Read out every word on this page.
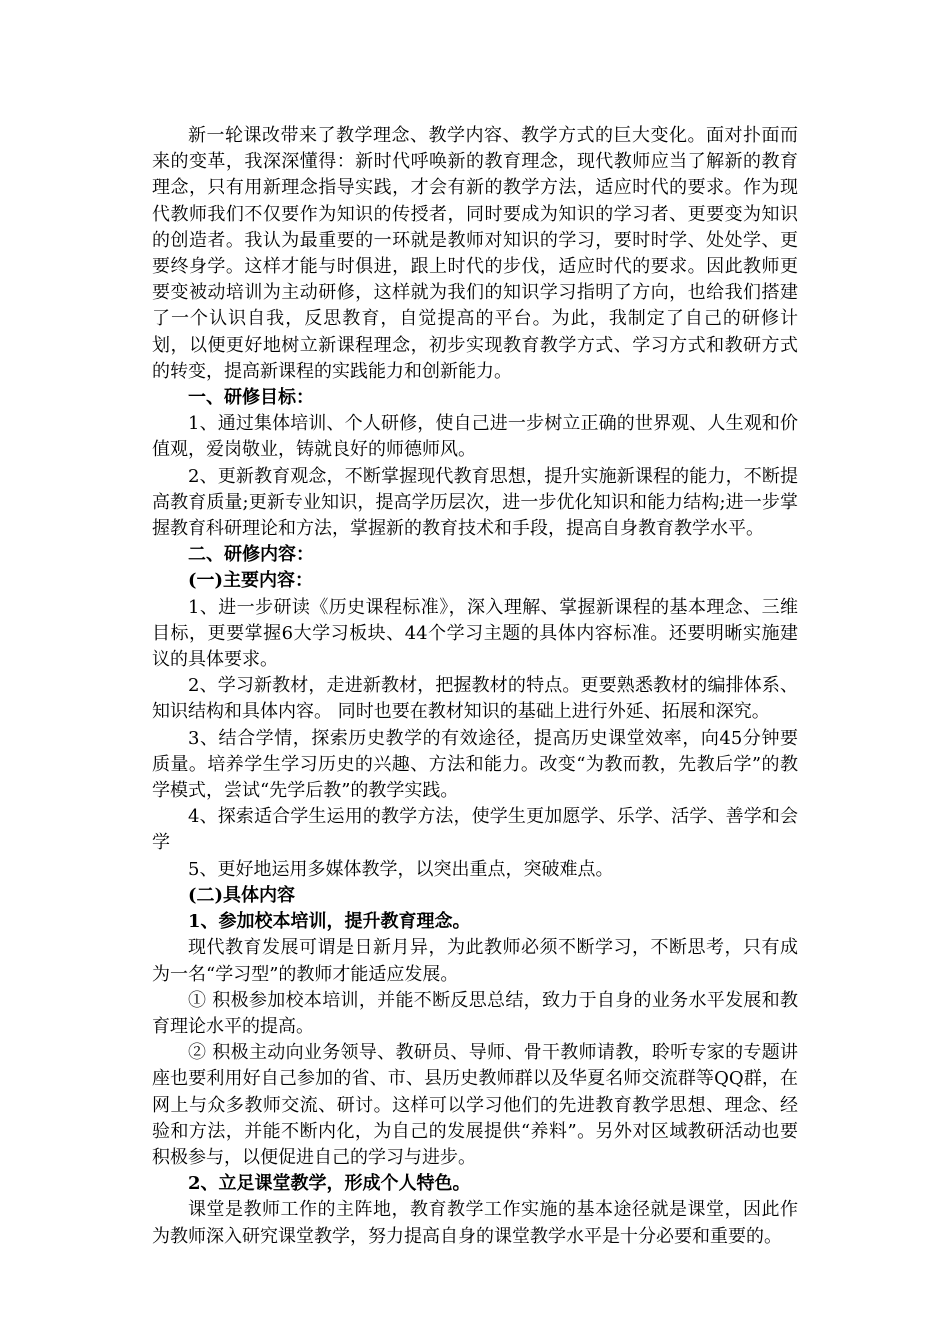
新一轮课改带来了教学理念、教学内容、教学方式的巨大变化。面对扑面而来的变革，我深深懂得：新时代呼唤新的教育理念，现代教师应当了解新的教育理念，只有用新理念指导实践，才会有新的教学方法，适应时代的要求。作为现代教师我们不仅要作为知识的传授者，同时要成为知识的学习者、更要变为知识的创造者。我认为最重要的一环就是教师对知识的学习，要时时学、处处学、更要终身学。这样才能与时俱进，跟上时代的步伐，适应时代的要求。因此教师更要变被动培训为主动研修，这样就为我们的知识学习指明了方向，也给我们搭建了一个认识自我，反思教育，自觉提高的平台。为此，我制定了自己的研修计划，以便更好地树立新课程理念，初步实现教育教学方式、学习方式和教研方式的转变，提高新课程的实践能力和创新能力。

一、研修目标：

1、通过集体培训、个人研修，使自己进一步树立正确的世界观、人生观和价值观，爱岗敬业，铸就良好的师德师风。

2、更新教育观念，不断掌握现代教育思想，提升实施新课程的能力，不断提高教育质量;更新专业知识，提高学历层次，进一步优化知识和能力结构;进一步掌握教育科研理论和方法，掌握新的教育技术和手段，提高自身教育教学水平。

二、研修内容：

(一)主要内容：

1、进一步研读《历史课程标准》，深入理解、掌握新课程的基本理念、三维目标，更要掌握6大学习板块、44个学习主题的具体内容标准。还要明晰实施建议的具体要求。

2、学习新教材，走进新教材，把握教材的特点。更要熟悉教材的编排体系、知识结构和具体内容。 同时也要在教材知识的基础上进行外延、拓展和深究。

3、结合学情，探索历史教学的有效途径，提高历史课堂效率，向45分钟要质量。培养学生学习历史的兴趣、方法和能力。改变“为教而教，先教后学”的教学模式，尝试“先学后教”的教学实践。

4、探索适合学生运用的教学方法，使学生更加愿学、乐学、活学、善学和会学

5、更好地运用多媒体教学，以突出重点，突破难点。

(二)具体内容

1、参加校本培训，提升教育理念。

现代教育发展可谓是日新月异，为此教师必须不断学习，不断思考，只有成为一名“学习型”的教师才能适应发展。

① 积极参加校本培训，并能不断反思总结，致力于自身的业务水平发展和教育理论水平的提高。

② 积极主动向业务领导、教研员、导师、骨干教师请教，聆听专家的专题讲座也要利用好自己参加的省、市、县历史教师群以及华夏名师交流群等QQ群，在网上与众多教师交流、研讨。这样可以学习他们的先进教育教学思想、理念、经验和方法，并能不断内化，为自己的发展提供“养料”。另外对区域教研活动也要积极参与，以便促进自己的学习与进步。

2、立足课堂教学，形成个人特色。

课堂是教师工作的主阵地，教育教学工作实施的基本途径就是课堂，因此作为教师深入研究课堂教学，努力提高自身的课堂教学水平是十分必要和重要的。
